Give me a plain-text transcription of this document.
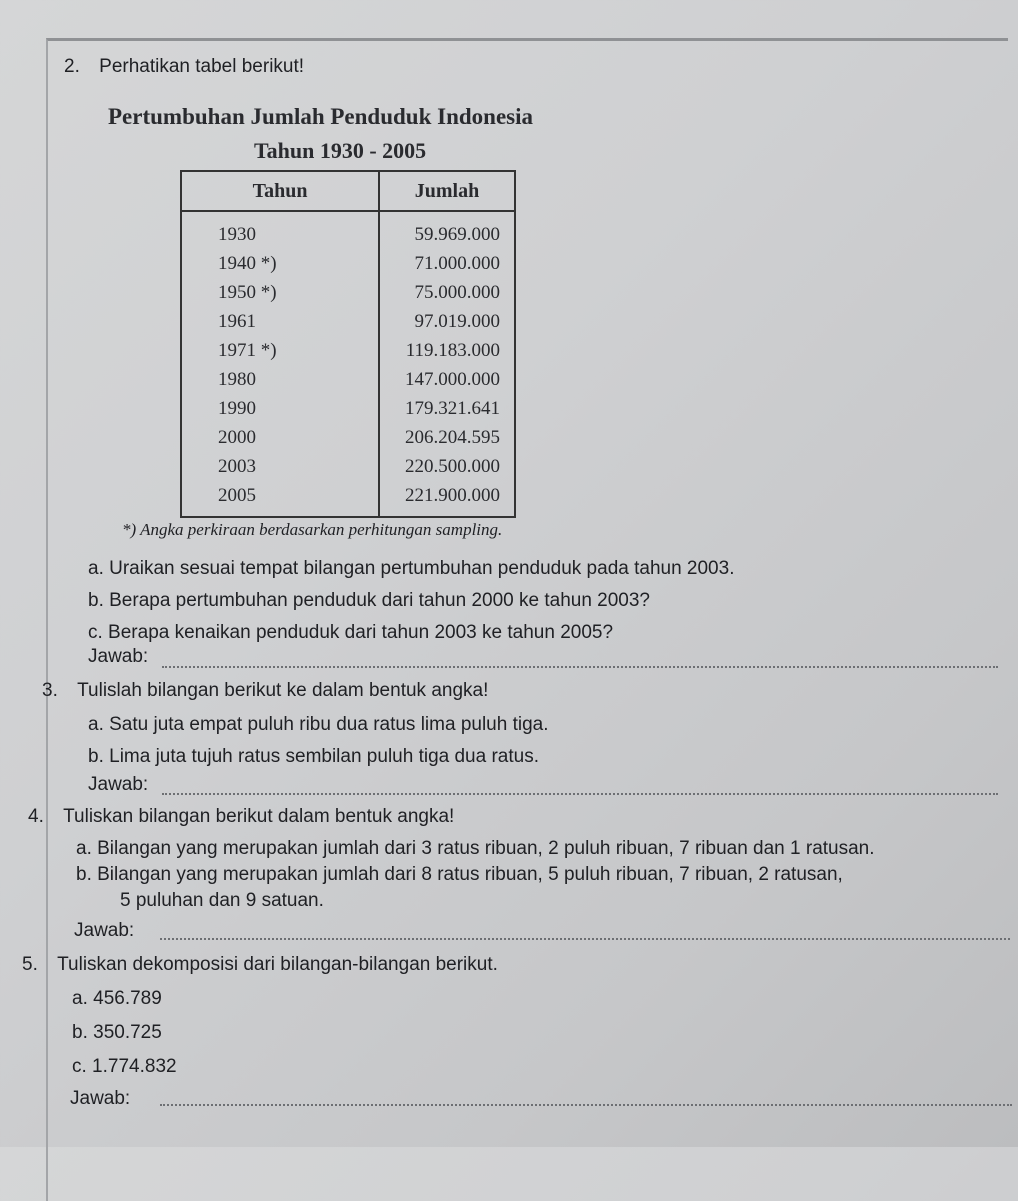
2. Perhatikan tabel berikut!
Pertumbuhan Jumlah Penduduk Indonesia
Tahun 1930 - 2005
Tahun	Jumlah
1930	59.969.000
1940 *)	71.000.000
1950 *)	75.000.000
1961	97.019.000
1971 *)	119.183.000
1980	147.000.000
1990	179.321.641
2000	206.204.595
2003	220.500.000
2005	221.900.000
*) Angka perkiraan berdasarkan perhitungan sampling.
a. Uraikan sesuai tempat bilangan pertumbuhan penduduk pada tahun 2003.
b. Berapa pertumbuhan penduduk dari tahun 2000 ke tahun 2003?
c. Berapa kenaikan penduduk dari tahun 2003 ke tahun 2005?
Jawab:
3. Tulislah bilangan berikut ke dalam bentuk angka!
a. Satu juta empat puluh ribu dua ratus lima puluh tiga.
b. Lima juta tujuh ratus sembilan puluh tiga dua ratus.
Jawab:
4. Tuliskan bilangan berikut dalam bentuk angka!
a. Bilangan yang merupakan jumlah dari 3 ratus ribuan, 2 puluh ribuan, 7 ribuan dan 1 ratusan.
b. Bilangan yang merupakan jumlah dari 8 ratus ribuan, 5 puluh ribuan, 7 ribuan, 2 ratusan,
5 puluhan dan 9 satuan.
Jawab:
5. Tuliskan dekomposisi dari bilangan-bilangan berikut.
a. 456.789
b. 350.725
c. 1.774.832
Jawab:
